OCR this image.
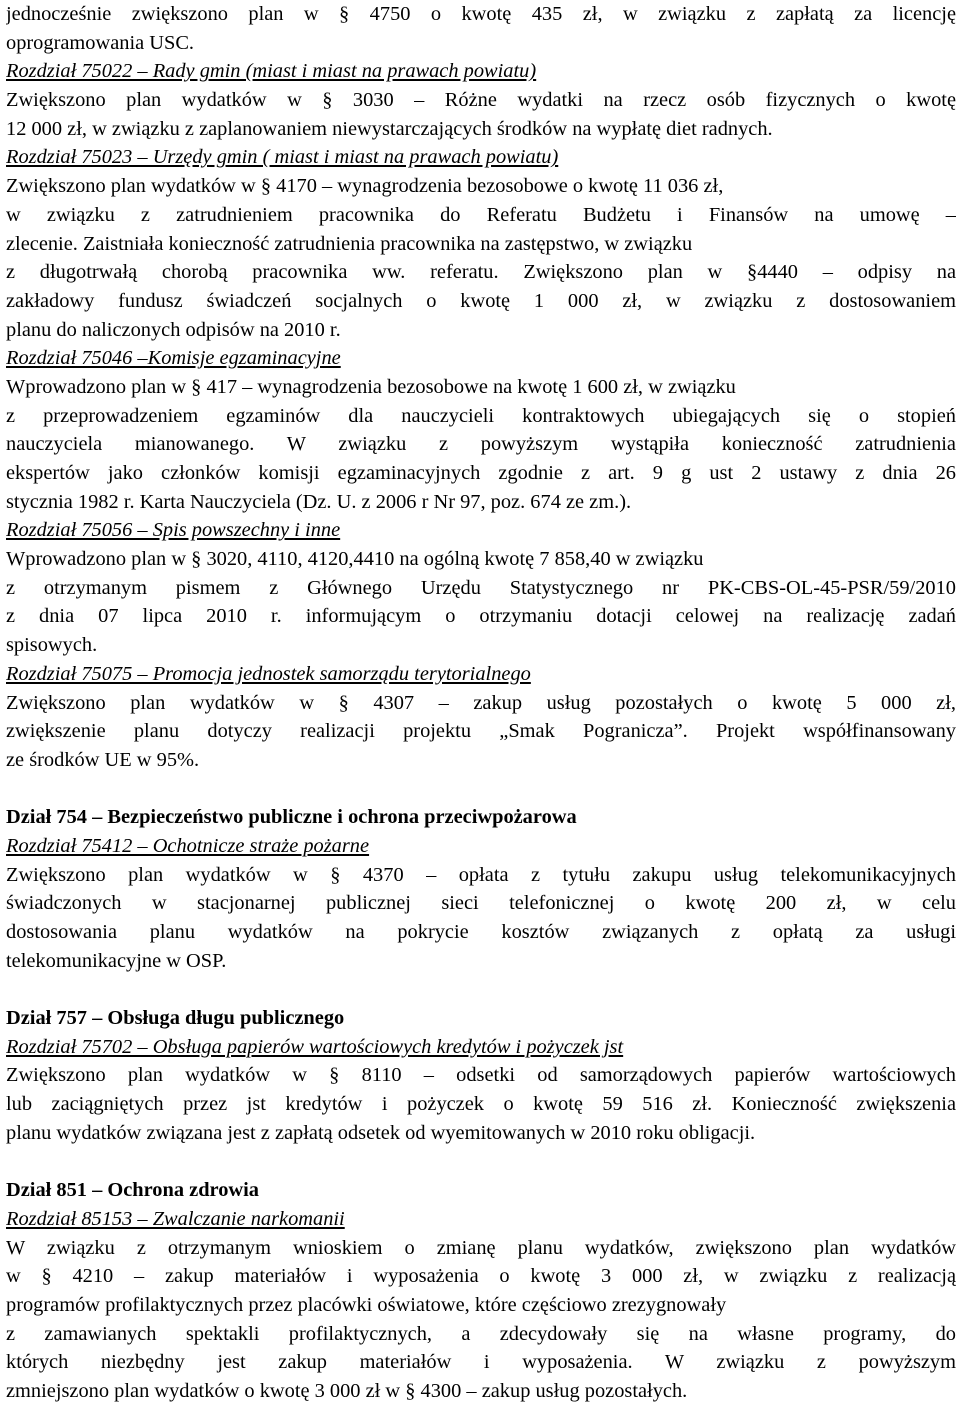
jednocześnie zwiększono plan w § 4750 o kwotę 435 zł, w związku z zapłatą za licencję
oprogramowania USC.
Rozdział 75022 – Rady gmin (miast i miast na prawach powiatu)
Zwiększono plan wydatków w § 3030 – Różne wydatki na rzecz osób fizycznych o kwotę
12 000 zł, w związku z zaplanowaniem niewystarczających środków na wypłatę diet radnych.
Rozdział 75023 – Urzędy gmin ( miast i miast na prawach powiatu)
Zwiększono plan wydatków w § 4170 – wynagrodzenia bezosobowe o kwotę 11 036 zł,
w związku z zatrudnieniem pracownika do Referatu Budżetu i Finansów na umowę –
zlecenie. Zaistniała konieczność zatrudnienia pracownika na zastępstwo, w związku
z długotrwałą chorobą pracownika ww. referatu. Zwiększono plan w §4440 – odpisy na
zakładowy fundusz świadczeń socjalnych o kwotę 1 000 zł, w związku z dostosowaniem
planu do naliczonych odpisów na 2010 r.
Rozdział 75046 –Komisje egzaminacyjne
Wprowadzono plan w § 417 – wynagrodzenia bezosobowe na kwotę 1 600 zł, w związku
z przeprowadzeniem egzaminów dla nauczycieli kontraktowych ubiegających się o stopień
nauczyciela mianowanego. W związku z powyższym wystąpiła konieczność zatrudnienia
ekspertów jako członków komisji egzaminacyjnych zgodnie z art. 9 g ust 2 ustawy z dnia 26
stycznia 1982 r. Karta Nauczyciela (Dz. U. z 2006 r Nr 97, poz. 674 ze zm.).
Rozdział 75056 – Spis powszechny i inne
Wprowadzono plan w § 3020, 4110, 4120,4410 na ogólną kwotę 7 858,40 w związku
z otrzymanym pismem z Głównego Urzędu Statystycznego nr PK-CBS-OL-45-PSR/59/2010
z dnia 07 lipca 2010 r. informującym o otrzymaniu dotacji celowej na realizację zadań
spisowych.
Rozdział 75075 – Promocja jednostek samorządu terytorialnego
Zwiększono plan wydatków w § 4307 – zakup usług pozostałych o kwotę 5 000 zł,
zwiększenie planu dotyczy realizacji projektu „Smak Pogranicza”. Projekt współfinansowany
ze środków UE w 95%.
Dział 754 – Bezpieczeństwo publiczne i ochrona przeciwpożarowa
Rozdział 75412 – Ochotnicze straże pożarne
Zwiększono plan wydatków w § 4370 – opłata z tytułu zakupu usług telekomunikacyjnych
świadczonych w stacjonarnej publicznej sieci telefonicznej o kwotę 200 zł, w celu
dostosowania planu wydatków na pokrycie kosztów związanych z opłatą za usługi
telekomunikacyjne w OSP.
Dział 757 – Obsługa długu publicznego
Rozdział 75702 – Obsługa papierów wartościowych kredytów i pożyczek jst
Zwiększono plan wydatków w § 8110 – odsetki od samorządowych papierów wartościowych
lub zaciągniętych przez jst kredytów i pożyczek o kwotę 59 516 zł. Konieczność zwiększenia
planu wydatków związana jest z zapłatą odsetek od wyemitowanych w 2010 roku obligacji.
Dział 851 – Ochrona zdrowia
Rozdział 85153 – Zwalczanie narkomanii
W związku z otrzymanym wnioskiem o zmianę planu wydatków, zwiększono plan wydatków
w § 4210 – zakup materiałów i wyposażenia o kwotę 3 000 zł, w związku z realizacją
programów profilaktycznych przez placówki oświatowe, które częściowo zrezygnowały
z zamawianych spektakli profilaktycznych, a zdecydowały się na własne programy, do
których niezbędny jest zakup materiałów i wyposażenia. W związku z powyższym
zmniejszono plan wydatków o kwotę 3 000 zł w § 4300 – zakup usług pozostałych.
